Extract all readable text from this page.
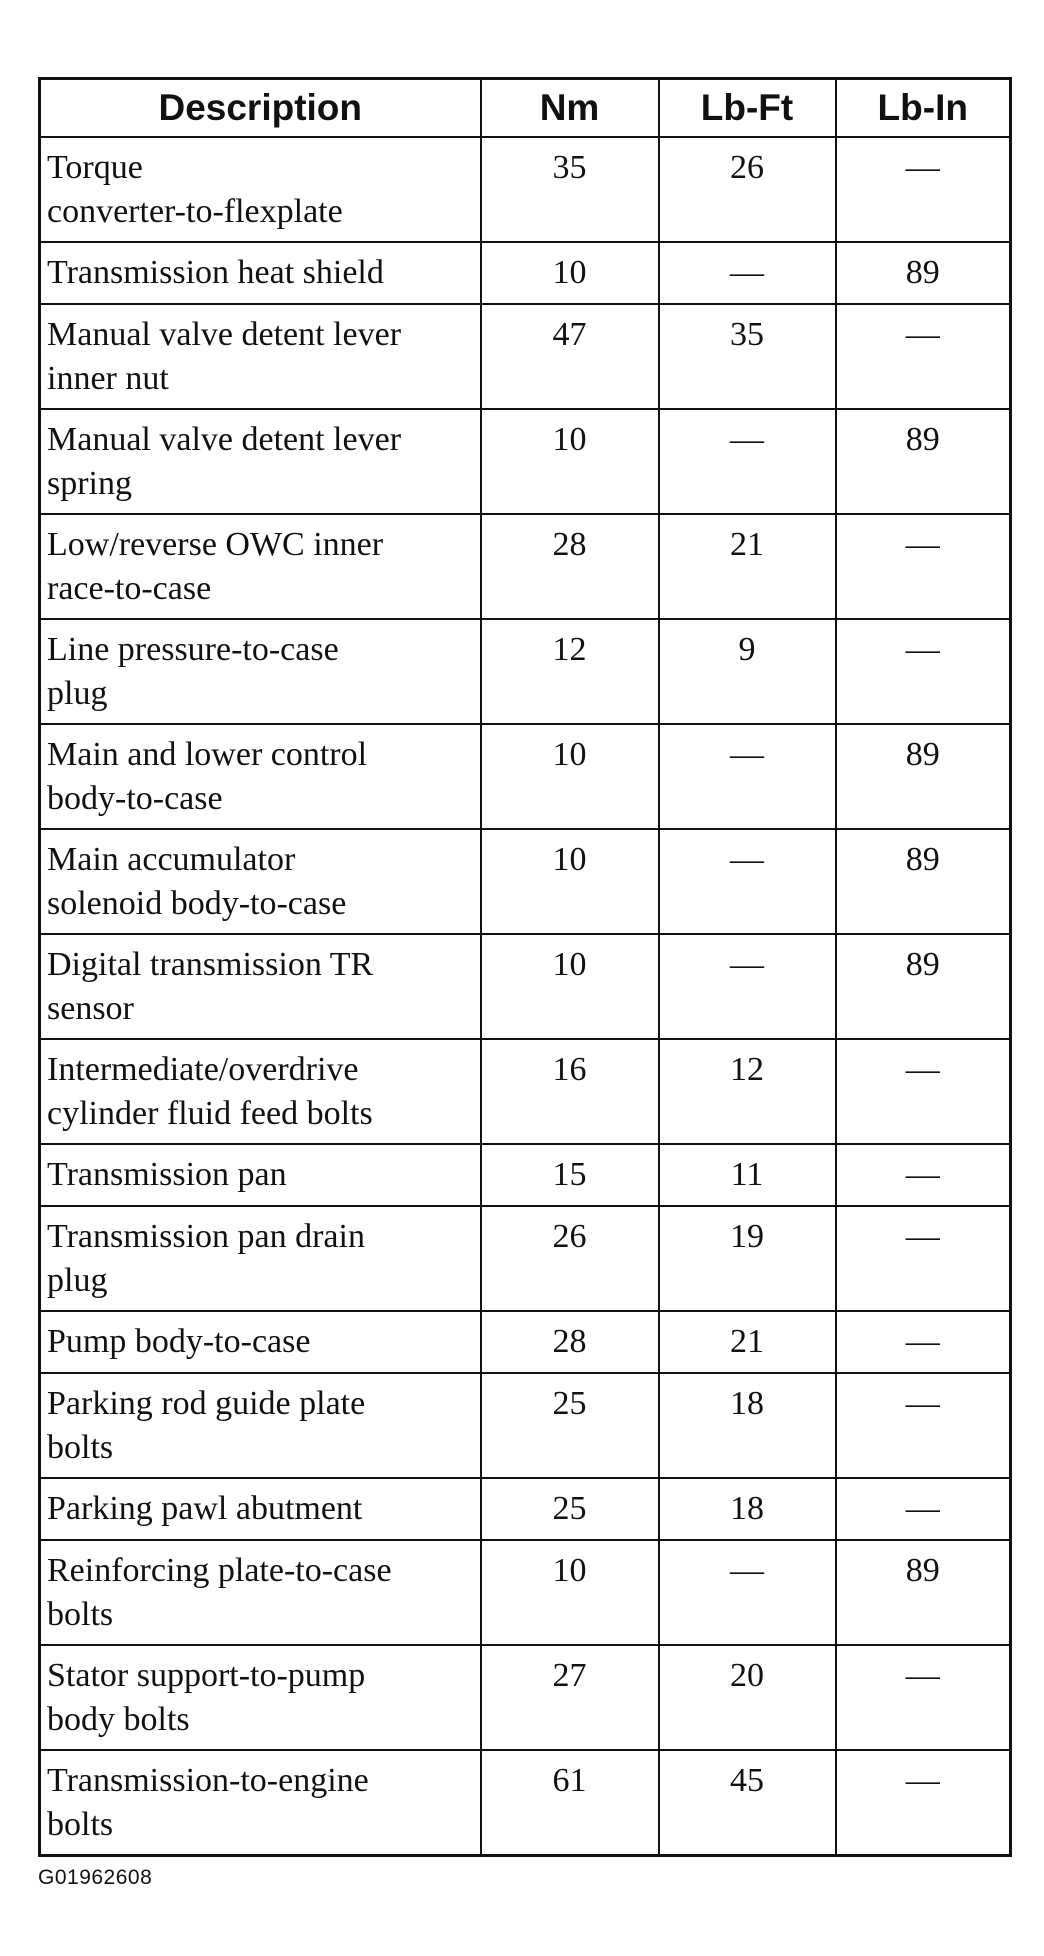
Description	Nm	Lb-Ft	Lb-In
Torque
converter-to-flexplate	35	26	—
Transmission heat shield	10	—	89
Manual valve detent lever
inner nut	47	35	—
Manual valve detent lever
spring	10	—	89
Low/reverse OWC inner
race-to-case	28	21	—
Line pressure-to-case
plug	12	9	—
Main and lower control
body-to-case	10	—	89
Main accumulator
solenoid body-to-case	10	—	89
Digital transmission TR
sensor	10	—	89
Intermediate/overdrive
cylinder fluid feed bolts	16	12	—
Transmission pan	15	11	—
Transmission pan drain
plug	26	19	—
Pump body-to-case	28	21	—
Parking rod guide plate
bolts	25	18	—
Parking pawl abutment	25	18	—
Reinforcing plate-to-case
bolts	10	—	89
Stator support-to-pump
body bolts	27	20	—
Transmission-to-engine
bolts	61	45	—
G01962608
